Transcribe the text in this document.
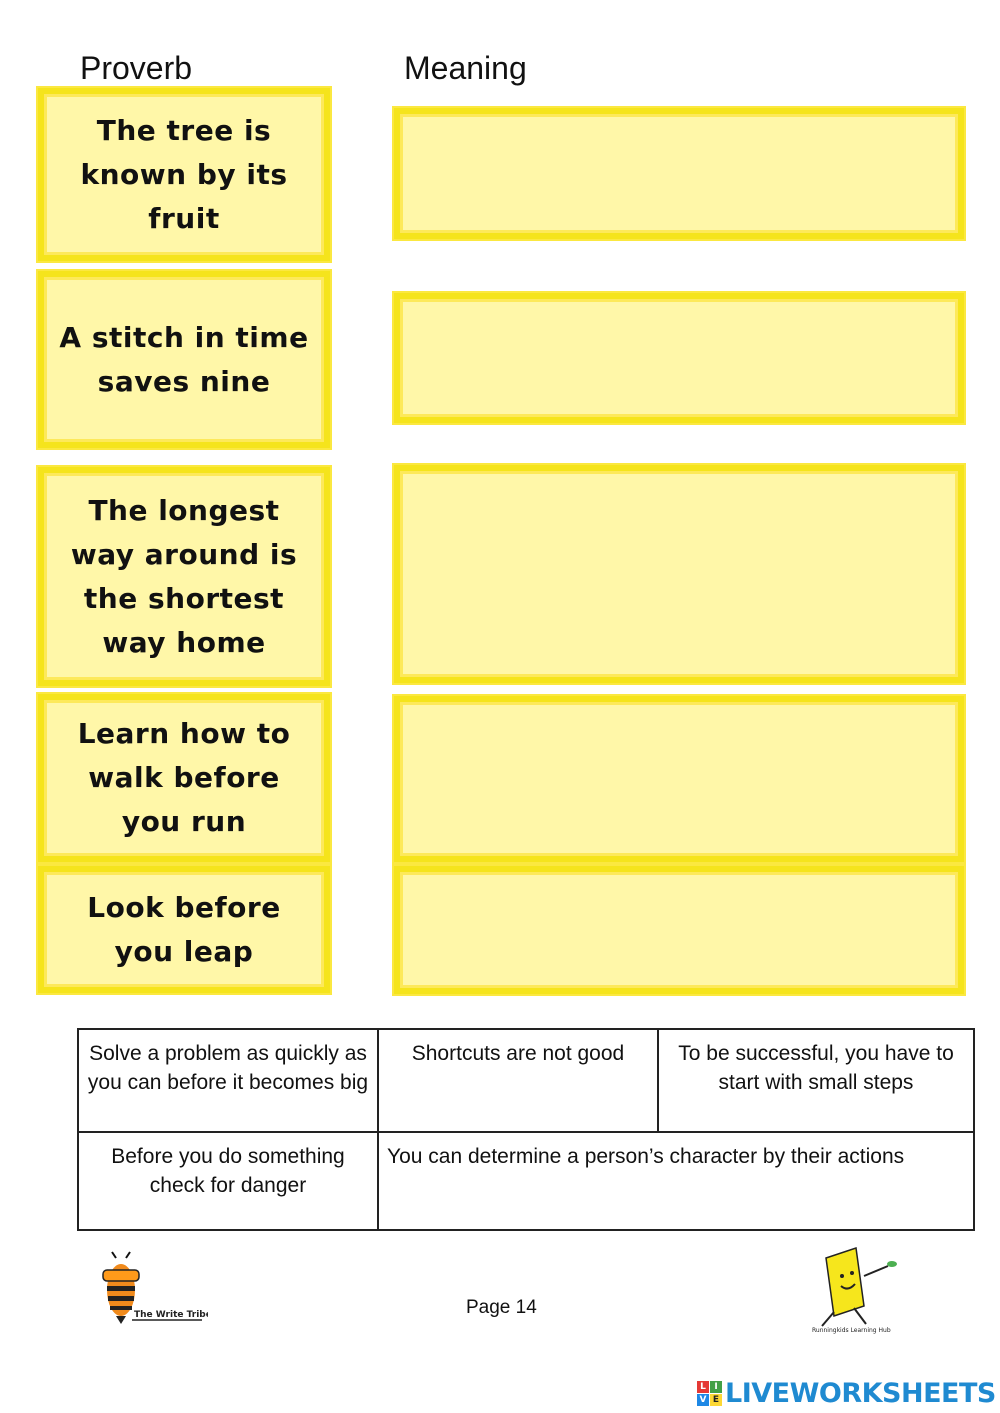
Proverb	Meaning
The tree is known by its fruit
A stitch in time saves nine
The longest way around is the shortest way home
Learn how to walk before you run
Look before you leap
Solve a problem as quickly as you can before it becomes big	Shortcuts are not good	To be successful, you have to start with small steps
Before you do something check for danger	You can determine a person’s character by their actions	
The Write Tribe	Page 14
Runningkids Learning Hub
L I
V E LIVEWORKSHEETS
